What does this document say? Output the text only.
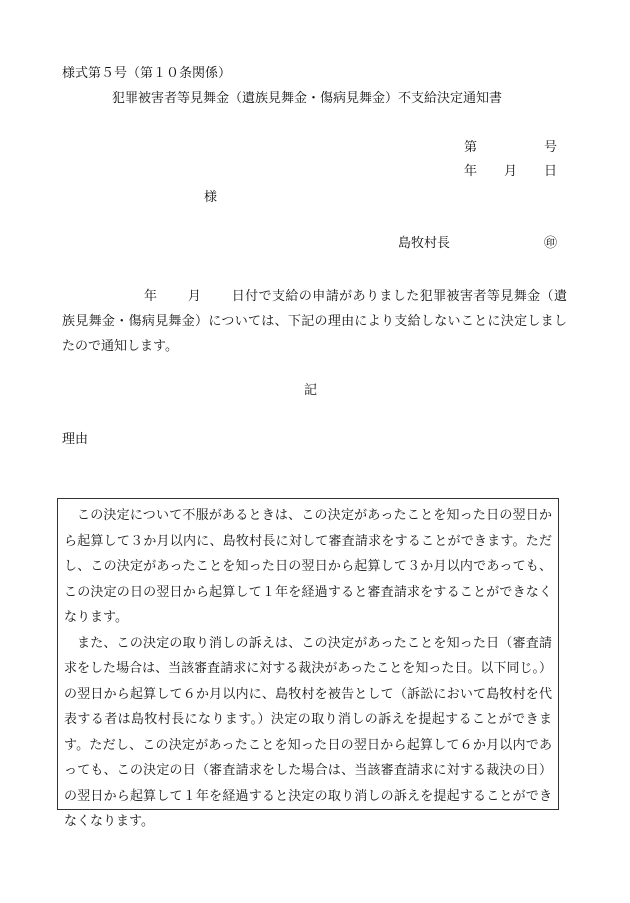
様式第５号（第１０条関係）
犯罪被害者等見舞金（遺族見舞金・傷病見舞金）不支給決定通知書
第	号
年 月 日
様
島牧村長	㊞
年 月 日付で支給の申請がありました犯罪被害者等見舞金（遺族見舞金・傷病見舞金）については、下記の理由により支給しないことに決定しましたので通知します。
記
理由

この決定について不服があるときは、この決定があったことを知った日の翌日から起算して３か月以内に、島牧村長に対して審査請求をすることができます。ただし、この決定があったことを知った日の翌日から起算して３か月以内であっても、この決定の日の翌日から起算して１年を経過すると審査請求をすることができなくなります。

また、この決定の取り消しの訴えは、この決定があったことを知った日（審査請求をした場合は、当該審査請求に対する裁決があったことを知った日。以下同じ。）の翌日から起算して６か月以内に、島牧村を被告として（訴訟において島牧村を代表する者は島牧村長になります。）決定の取り消しの訴えを提起することができます。ただし、この決定があったことを知った日の翌日から起算して６か月以内であっても、この決定の日（審査請求をした場合は、当該審査請求に対する裁決の日）の翌日から起算して１年を経過すると決定の取り消しの訴えを提起することができなくなります。
